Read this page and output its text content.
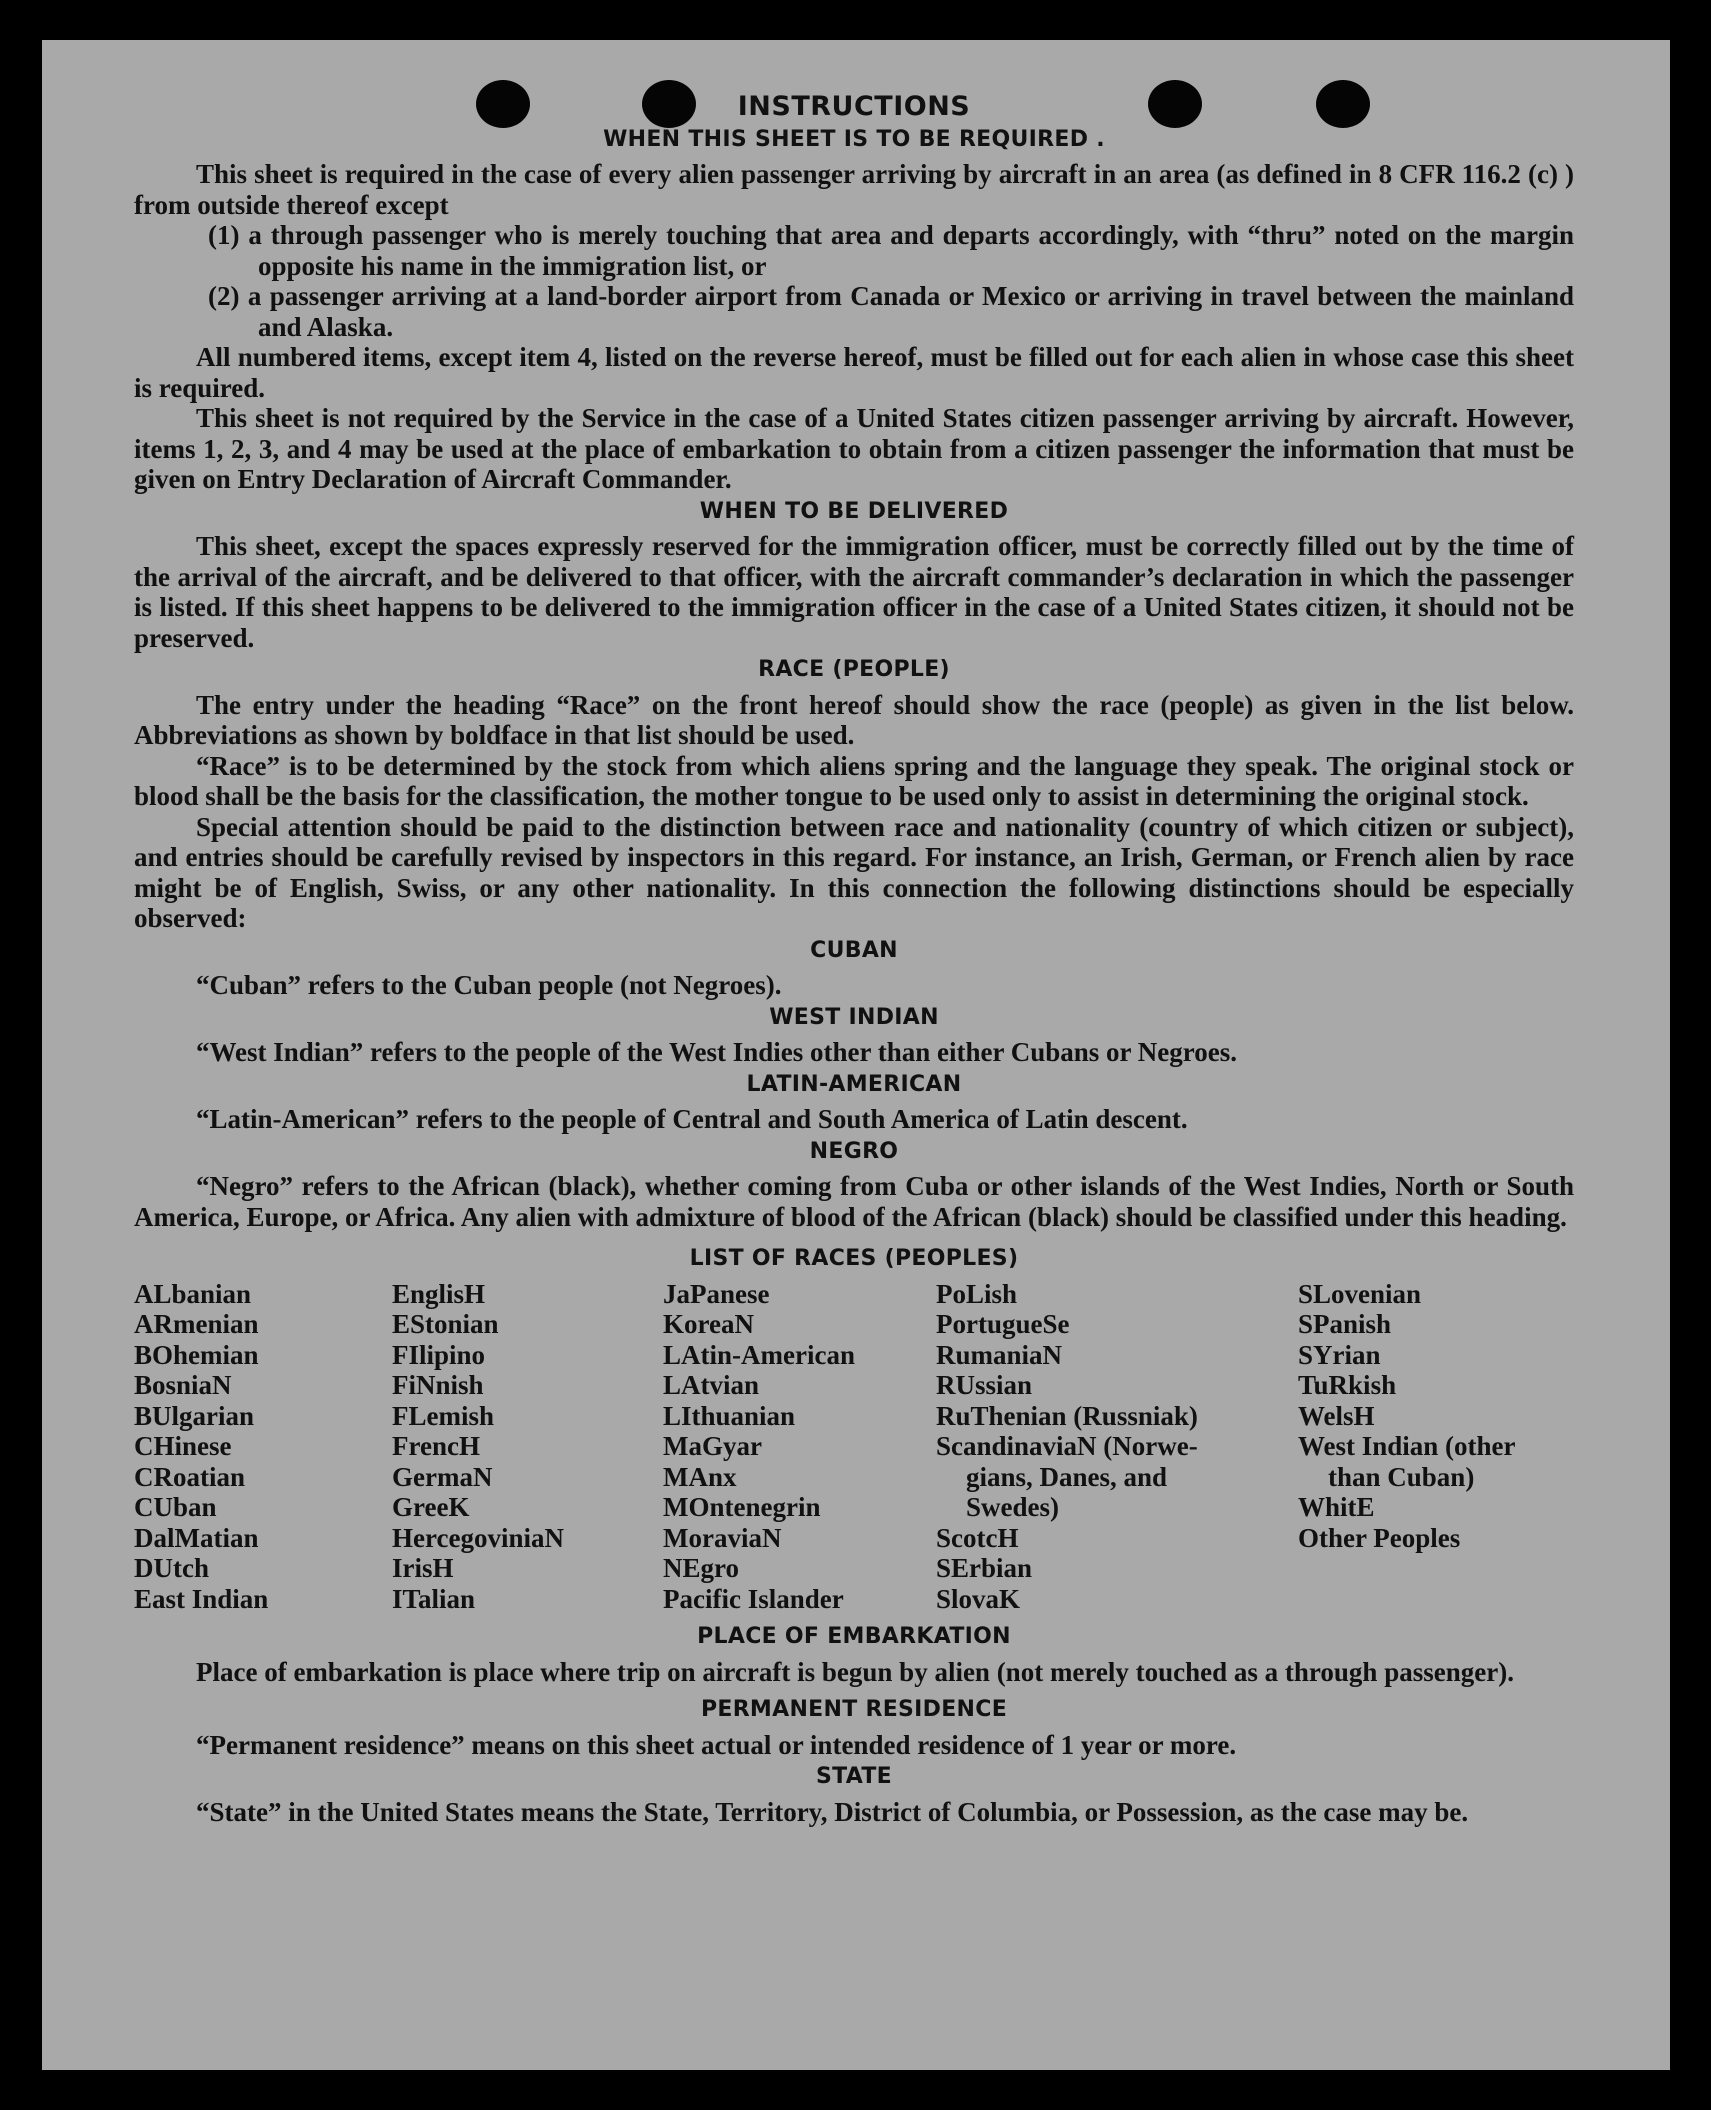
INSTRUCTIONS
WHEN THIS SHEET IS TO BE REQUIRED .

This sheet is required in the case of every alien passenger arriving by aircraft in an area (as defined in 8 CFR 116.2 (c) ) from outside thereof except

(1) a through passenger who is merely touching that area and departs accordingly, with “thru” noted on the margin opposite his name in the immigration list, or

(2) a passenger arriving at a land-border airport from Canada or Mexico or arriving in travel between the mainland and Alaska.

All numbered items, except item 4, listed on the reverse hereof, must be filled out for each alien in whose case this sheet is required.

This sheet is not required by the Service in the case of a United States citizen passenger arriving by aircraft. However, items 1, 2, 3, and 4 may be used at the place of embarkation to obtain from a citizen passenger the information that must be given on Entry Declaration of Aircraft Commander.

WHEN TO BE DELIVERED

This sheet, except the spaces expressly reserved for the immigration officer, must be correctly filled out by the time of the arrival of the aircraft, and be delivered to that officer, with the aircraft commander’s declaration in which the passenger is listed. If this sheet happens to be delivered to the immigration officer in the case of a United States citizen, it should not be preserved.

RACE (PEOPLE)

The entry under the heading “Race” on the front hereof should show the race (people) as given in the list below. Abbreviations as shown by boldface in that list should be used.

“Race” is to be determined by the stock from which aliens spring and the language they speak. The original stock or blood shall be the basis for the classification, the mother tongue to be used only to assist in determining the original stock.

Special attention should be paid to the distinction between race and nationality (country of which citizen or subject), and entries should be carefully revised by inspectors in this regard. For instance, an Irish, German, or French alien by race might be of English, Swiss, or any other nationality. In this connection the following distinctions should be especially observed:

CUBAN

“Cuban” refers to the Cuban people (not Negroes).

WEST INDIAN

“West Indian” refers to the people of the West Indies other than either Cubans or Negroes.

LATIN-AMERICAN

“Latin-American” refers to the people of Central and South America of Latin descent.

NEGRO

“Negro” refers to the African (black), whether coming from Cuba or other islands of the West Indies, North or South America, Europe, or Africa. Any alien with admixture of blood of the African (black) should be classified under this heading.

LIST OF RACES (PEOPLES)
ALbanian
ARmenian
BOhemian
BosniaN
BUlgarian
CHinese
CRoatian
CUban
DalMatian
DUtch
East Indian
EnglisH
EStonian
FIlipino
FiNnish
FLemish
FrencH
GermaN
GreeK
HercegoviniaN
IrisH
ITalian
JaPanese
KoreaN
LAtin-American
LAtvian
LIthuanian
MaGyar
MAnx
MOntenegrin
MoraviaN
NEgro
Pacific Islander
PoLish
PortugueSe
RumaniaN
RUssian
RuThenian (Russniak)
ScandinaviaN (Norwe-
gians, Danes, and
Swedes)
ScotcH
SErbian
SlovaK
SLovenian
SPanish
SYrian
TuRkish
WelsH
West Indian (other
than Cuban)
WhitE
Other Peoples
PLACE OF EMBARKATION

Place of embarkation is place where trip on aircraft is begun by alien (not merely touched as a through passenger).

PERMANENT RESIDENCE

“Permanent residence” means on this sheet actual or intended residence of 1 year or more.

STATE

“State” in the United States means the State, Territory, District of Columbia, or Possession, as the case may be.
